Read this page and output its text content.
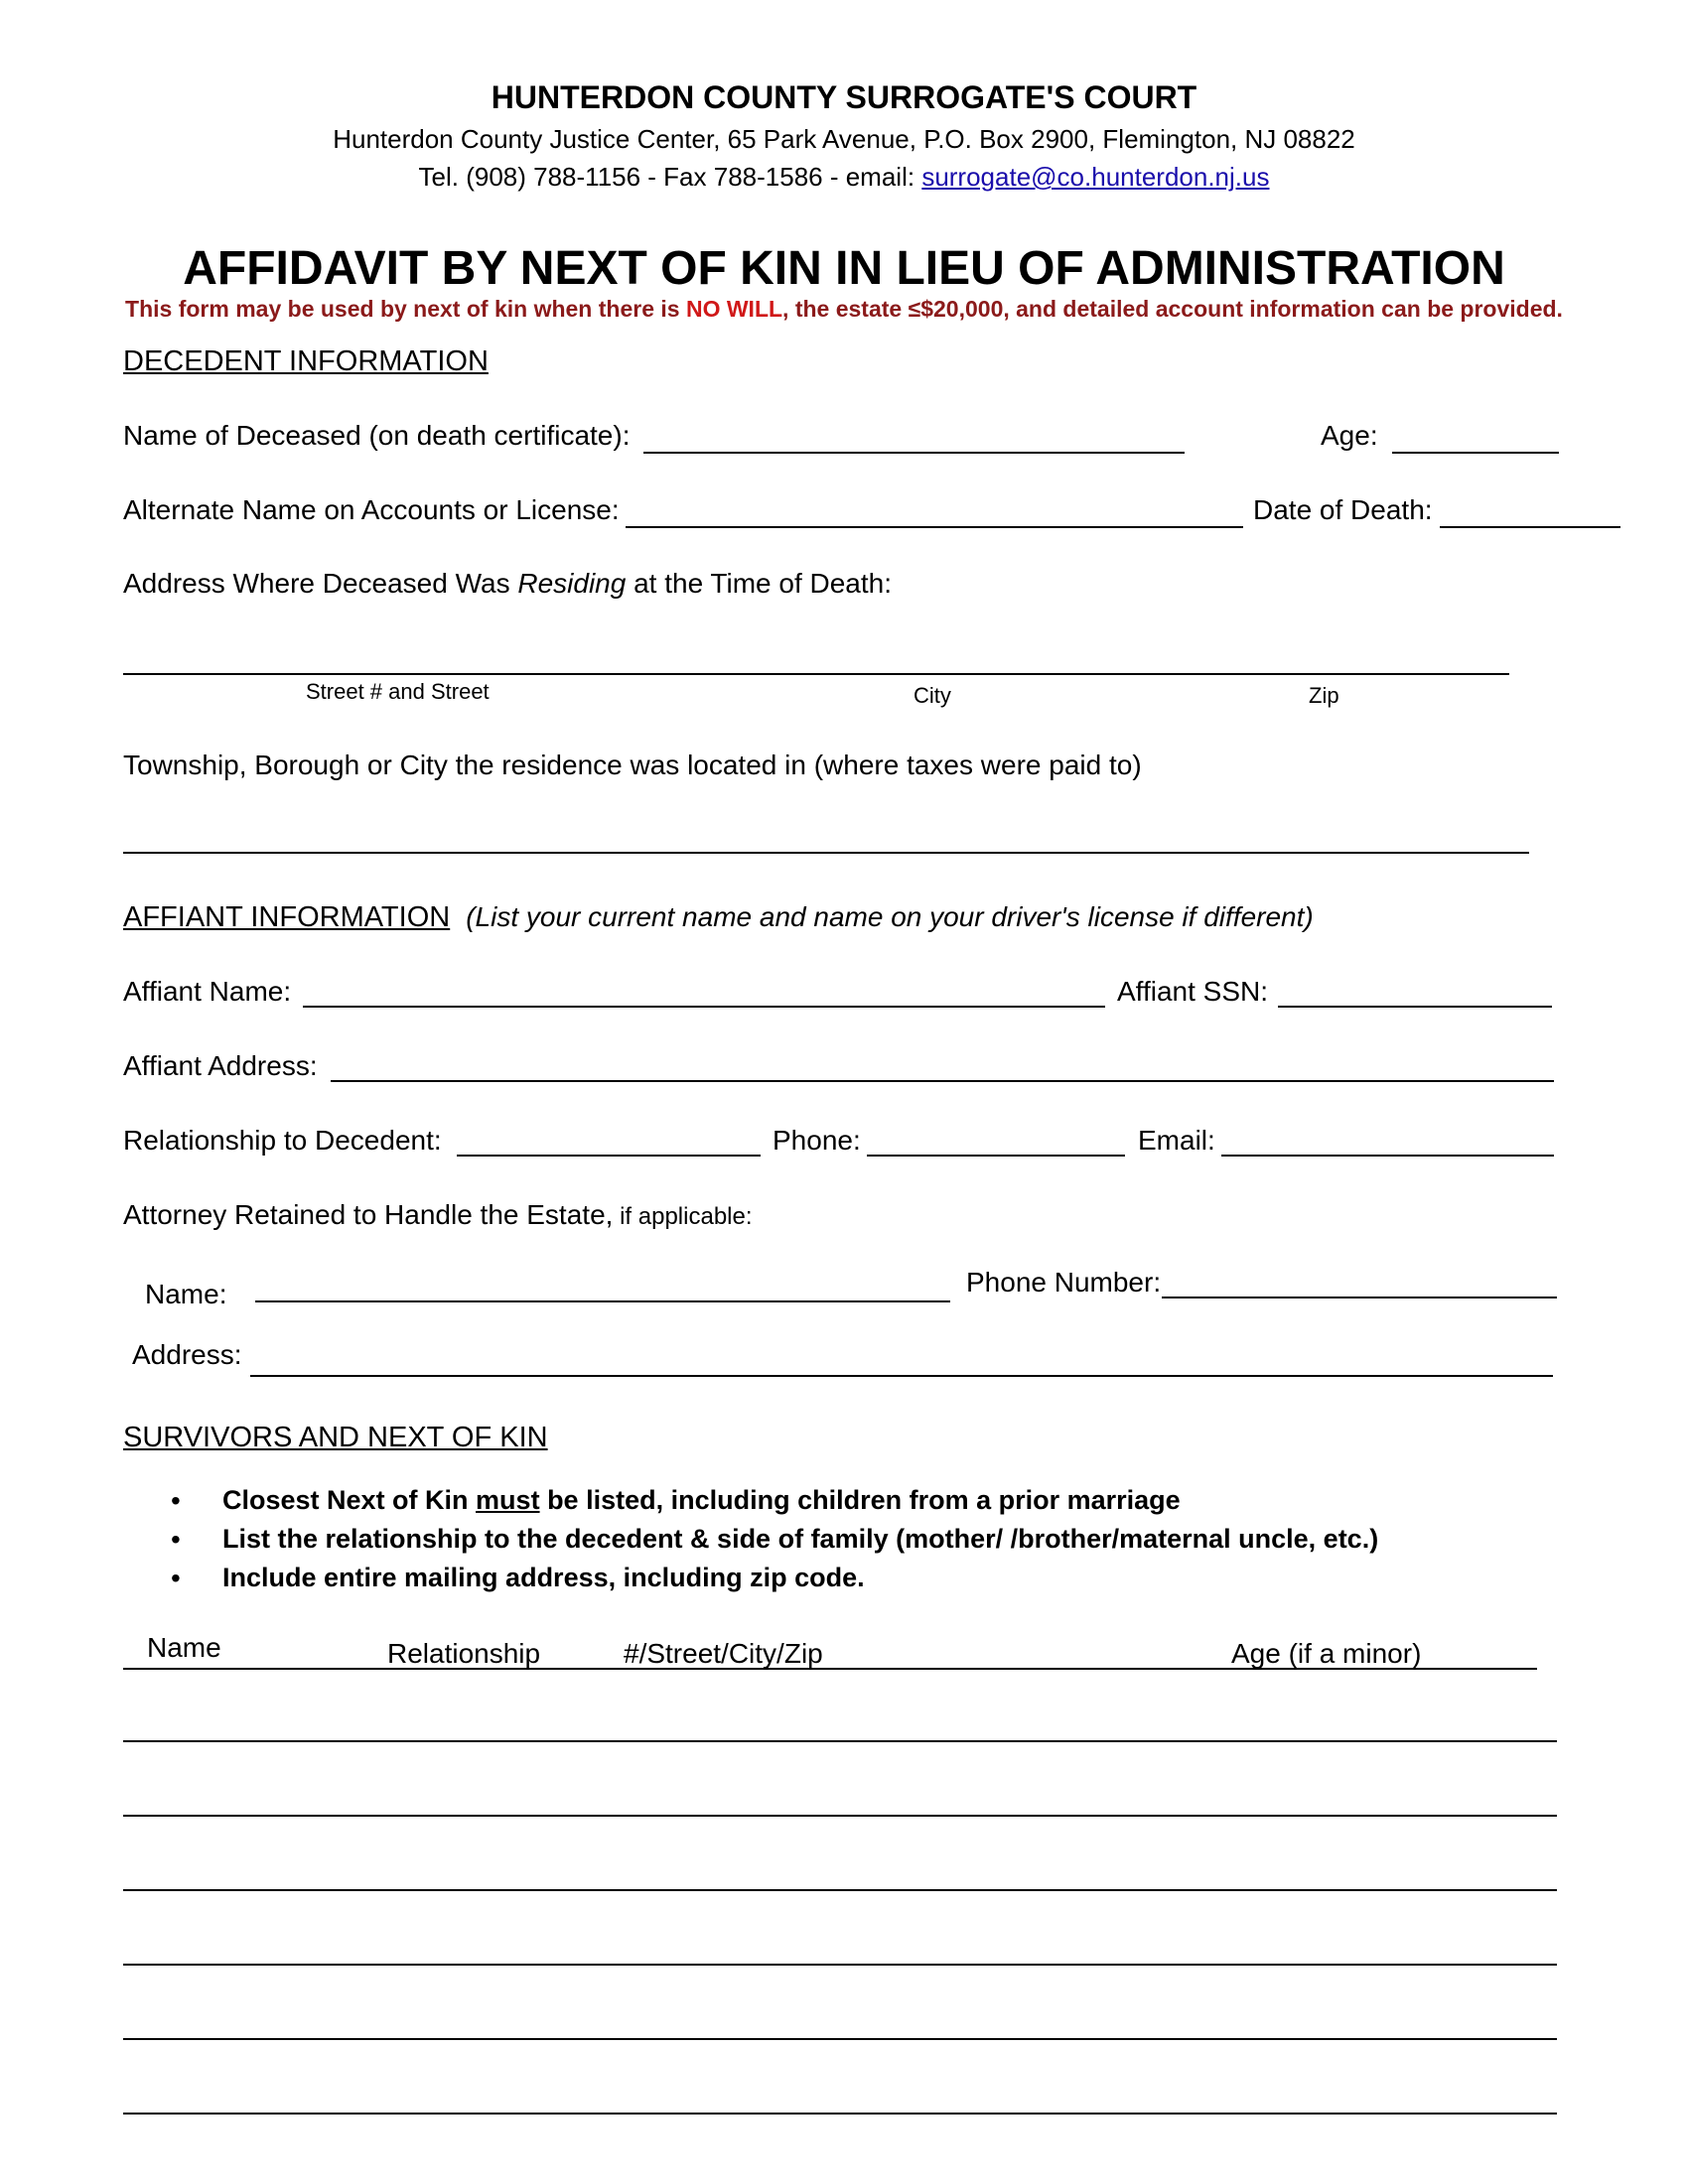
HUNTERDON COUNTY SURROGATE'S COURT
Hunterdon County Justice Center, 65 Park Avenue, P.O. Box 2900, Flemington, NJ 08822
Tel. (908) 788-1156 - Fax 788-1586 - email: surrogate@co.hunterdon.nj.us
AFFIDAVIT BY NEXT OF KIN IN LIEU OF ADMINISTRATION
This form may be used by next of kin when there is NO WILL, the estate ≤$20,000, and detailed account information can be provided.
DECEDENT INFORMATION
Name of Deceased (on death certificate):	Age:
Alternate Name on Accounts or License:	Date of Death:
Address Where Deceased Was Residing at the Time of Death:
Street # and Street	City	Zip
Township, Borough or City the residence was located in (where taxes were paid to)
AFFIANT INFORMATION (List your current name and name on your driver's license if different)
Affiant Name:	Affiant SSN:
Affiant Address:
Relationship to Decedent:	Phone:	Email:
Attorney Retained to Handle the Estate, if applicable:
Name:	Phone Number:
Address:
SURVIVORS AND NEXT OF KIN
• Closest Next of Kin must be listed, including children from a prior marriage
• List the relationship to the decedent & side of family (mother/ /brother/maternal uncle, etc.)
• Include entire mailing address, including zip code.
Name	Relationship	#/Street/City/Zip	Age (if a minor)
